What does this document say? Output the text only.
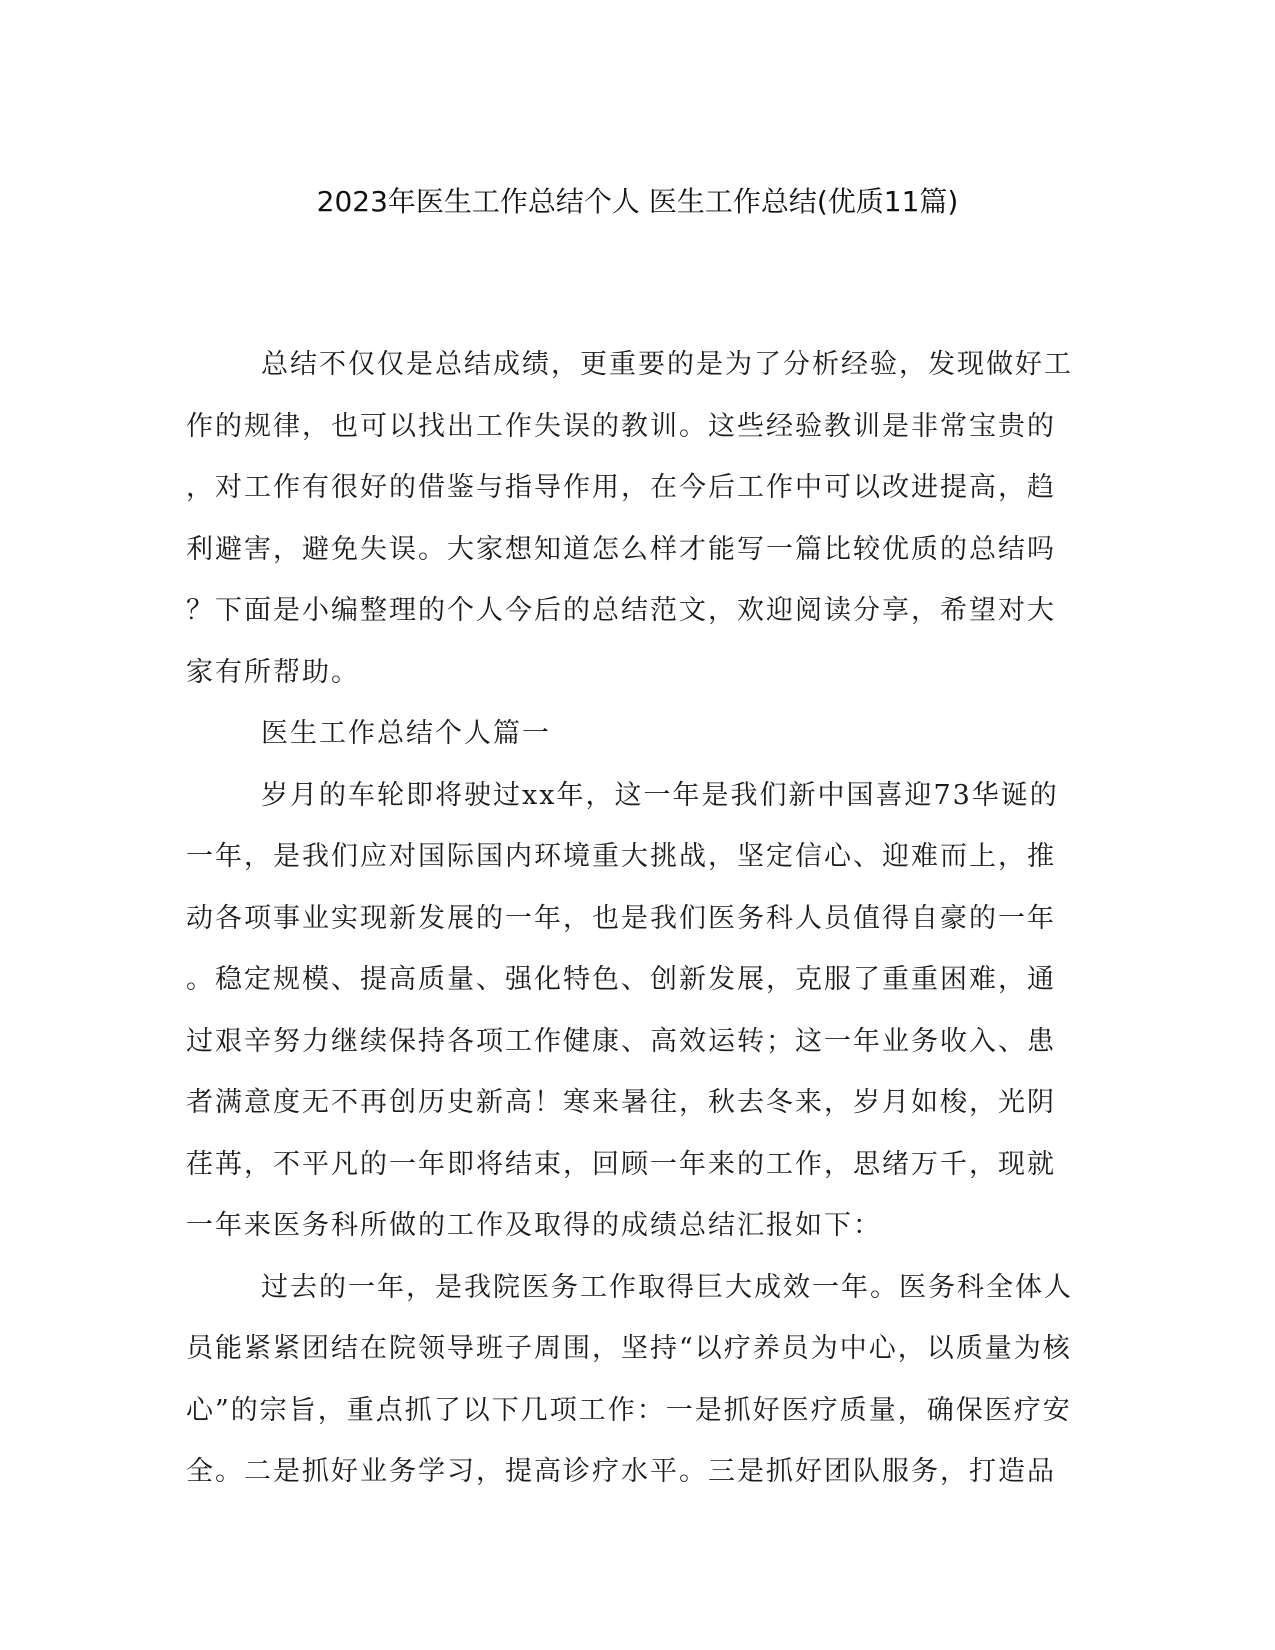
2023年医生工作总结个人 医生工作总结(优质11篇)
总结不仅仅是总结成绩，更重要的是为了分析经验，发现做好工
作的规律，也可以找出工作失误的教训。这些经验教训是非常宝贵的
，对工作有很好的借鉴与指导作用，在今后工作中可以改进提高，趋
利避害，避免失误。大家想知道怎么样才能写一篇比较优质的总结吗
？下面是小编整理的个人今后的总结范文，欢迎阅读分享，希望对大
家有所帮助。
医生工作总结个人篇一
岁月的车轮即将驶过xx年，这一年是我们新中国喜迎73华诞的
一年，是我们应对国际国内环境重大挑战，坚定信心、迎难而上，推
动各项事业实现新发展的一年，也是我们医务科人员值得自豪的一年
。稳定规模、提高质量、强化特色、创新发展，克服了重重困难，通
过艰辛努力继续保持各项工作健康、高效运转；这一年业务收入、患
者满意度无不再创历史新高！寒来暑往，秋去冬来，岁月如梭，光阴
荏苒，不平凡的一年即将结束，回顾一年来的工作，思绪万千，现就
一年来医务科所做的工作及取得的成绩总结汇报如下：
过去的一年，是我院医务工作取得巨大成效一年。医务科全体人
员能紧紧团结在院领导班子周围，坚持“以疗养员为中心，以质量为核
心”的宗旨，重点抓了以下几项工作：一是抓好医疗质量，确保医疗安
全。二是抓好业务学习，提高诊疗水平。三是抓好团队服务，打造品
